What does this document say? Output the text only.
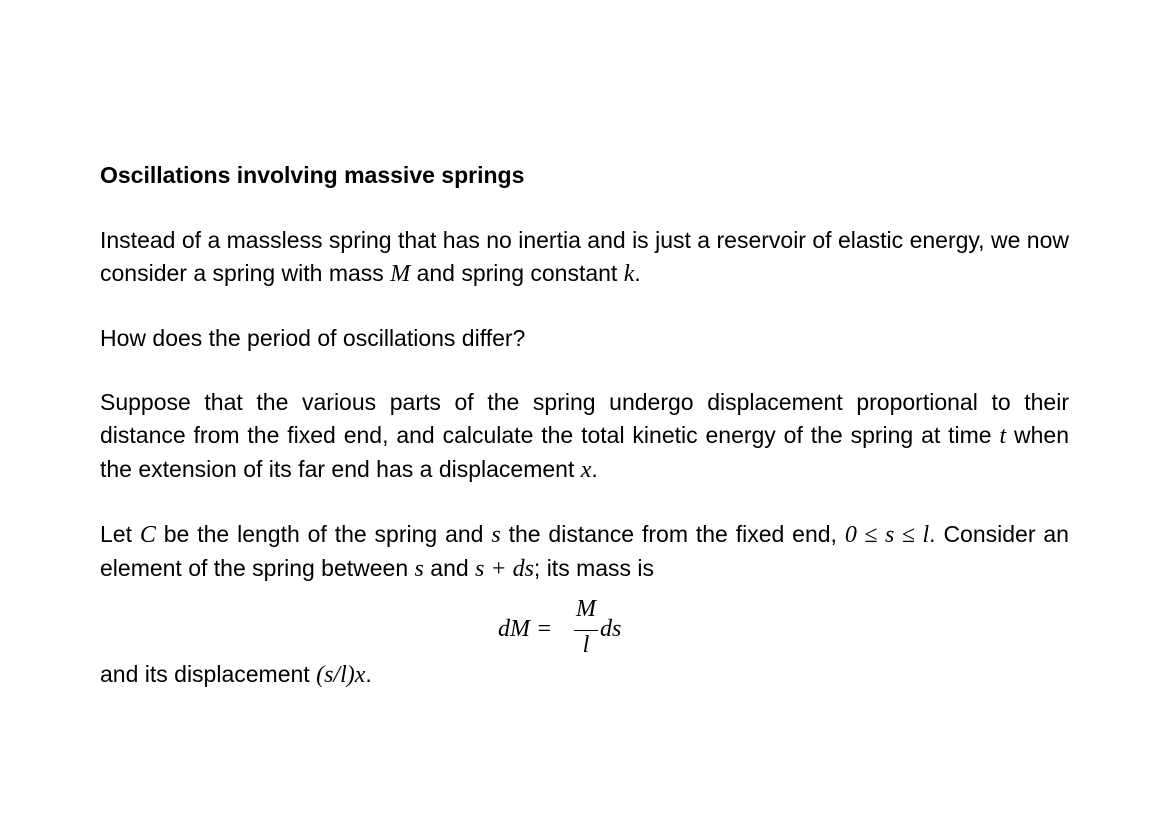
Oscillations involving massive springs
Instead of a massless spring that has no inertia and is just a reservoir of elastic energy, we now consider a spring with mass M and spring constant k.
How does the period of oscillations differ?
Suppose that the various parts of the spring undergo displacement proportional to their distance from the fixed end, and calculate the total kinetic energy of the spring at time t when the extension of its far end has a displacement x.
Let C be the length of the spring and s the distance from the fixed end, 0 ≤ s ≤ l. Consider an element of the spring between s and s + ds; its mass is
dM =
M
l
ds
and its displacement (s/l)x.
